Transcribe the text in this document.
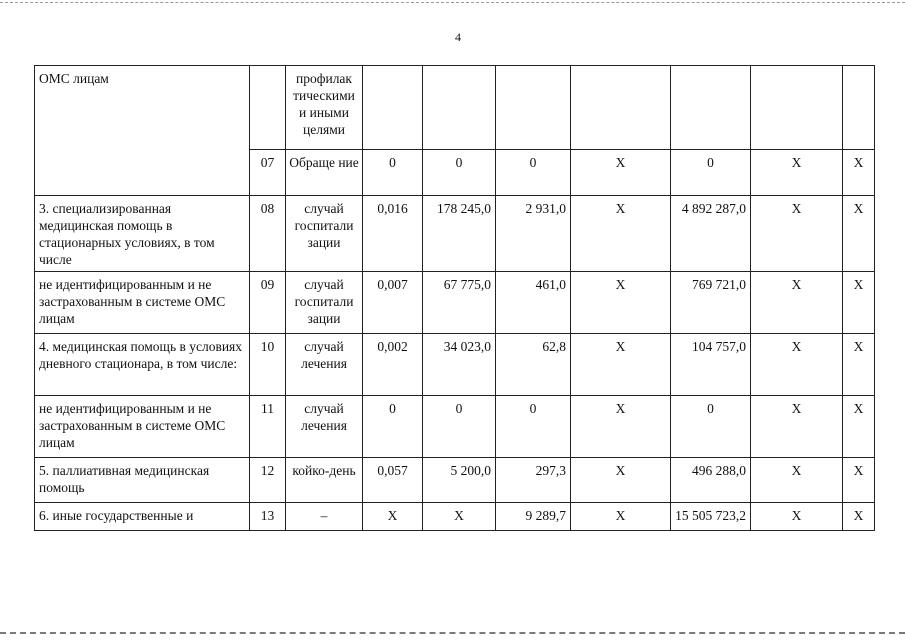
4
ОМС лицам		профилак тическими и иными целями							
	07	Обраще ние	0	0	0	X	0	X	X
3. специализированная медицинская помощь в стационарных условиях, в том числе	08	случай госпитали зации	0,016	178 245,0	2 931,0	X	4 892 287,0	X	X
не идентифицированным и не застрахованным в системе ОМС лицам	09	случай госпитали зации	0,007	67 775,0	461,0	X	769 721,0	X	X
4. медицинская помощь в условиях дневного стационара, в том числе:	10	случай лечения	0,002	34 023,0	62,8	X	104 757,0	X	X
не идентифицированным и не застрахованным в системе ОМС лицам	11	случай лечения	0	0	0	X	0	X	X
5. паллиативная медицинская помощь	12	койко-день	0,057	5 200,0	297,3	X	496 288,0	X	X
6. иные государственные и	13	–	X	X	9 289,7	X	15 505 723,2	X	X
